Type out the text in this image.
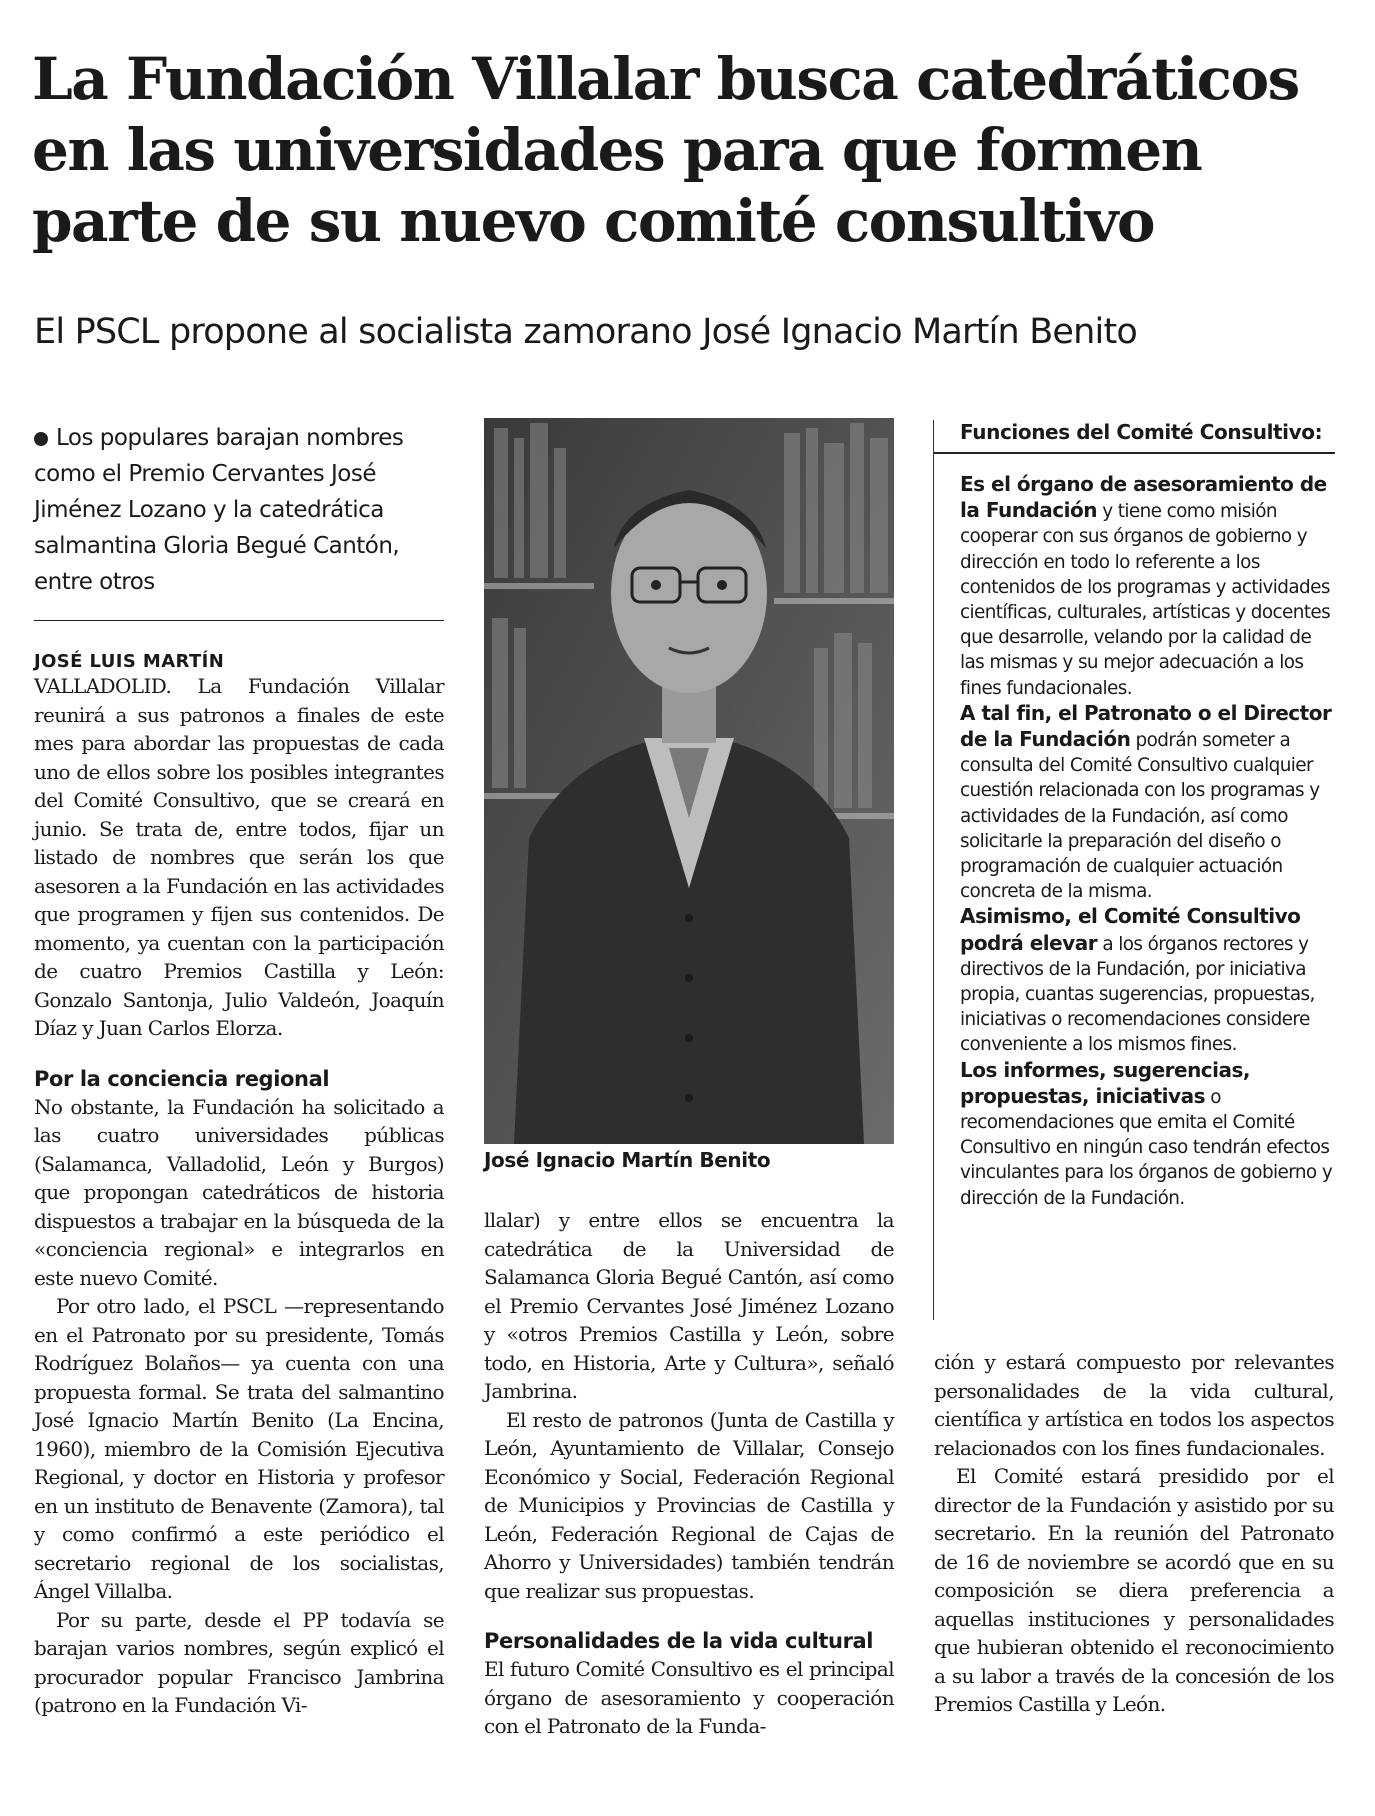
La Fundación Villalar busca catedráticos
en las universidades para que formen
parte de su nuevo comité consultivo
El PSCL propone al socialista zamorano José Ignacio Martín Benito

Los populares barajan nombres como el Premio Cervantes José Jiménez Lozano y la catedrática salmantina Gloria Begué Cantón, entre otros

JOSÉ LUIS MARTÍN

VALLADOLID. La Fundación Villalar reunirá a sus patronos a finales de este mes para abordar las propuestas de cada uno de ellos sobre los posibles integrantes del Comité Consultivo, que se creará en junio. Se trata de, entre todos, fijar un listado de nombres que serán los que asesoren a la Fundación en las actividades que programen y fijen sus contenidos. De momento, ya cuentan con la participación de cuatro Premios Castilla y León: Gonzalo Santonja, Julio Valdeón, Joaquín Díaz y Juan Carlos Elorza.

Por la conciencia regional

No obstante, la Fundación ha solicitado a las cuatro universidades públicas (Salamanca, Valladolid, León y Burgos) que propongan catedráticos de historia dispuestos a trabajar en la búsqueda de la «conciencia regional» e integrarlos en este nuevo Comité.

Por otro lado, el PSCL —representando en el Patronato por su presidente, Tomás Rodríguez Bolaños— ya cuenta con una propuesta formal. Se trata del salmantino José Ignacio Martín Benito (La Encina, 1960), miembro de la Comisión Ejecutiva Regional, y doctor en Historia y profesor en un instituto de Benavente (Zamora), tal y como confirmó a este periódico el secretario regional de los socialistas, Ángel Villalba.

Por su parte, desde el PP todavía se barajan varios nombres, según explicó el procurador popular Francisco Jambrina (patrono en la Fundación Vi-

José Ignacio Martín Benito

llalar) y entre ellos se encuentra la catedrática de la Universidad de Salamanca Gloria Begué Cantón, así como el Premio Cervantes José Jiménez Lozano y «otros Premios Castilla y León, sobre todo, en Historia, Arte y Cultura», señaló Jambrina.

El resto de patronos (Junta de Castilla y León, Ayuntamiento de Villalar, Consejo Económico y Social, Federación Regional de Municipios y Provincias de Castilla y León, Federación Regional de Cajas de Ahorro y Universidades) también tendrán que realizar sus propuestas.

Personalidades de la vida cultural

El futuro Comité Consultivo es el principal órgano de asesoramiento y cooperación con el Patronato de la Funda-

Funciones del Comité Consultivo:

Es el órgano de asesoramiento de la Fundación y tiene como misión cooperar con sus órganos de gobierno y dirección en todo lo referente a los contenidos de los programas y actividades científicas, culturales, artísticas y docentes que desarrolle, velando por la calidad de las mismas y su mejor adecuación a los fines fundacionales.

A tal fin, el Patronato o el Director de la Fundación podrán someter a consulta del Comité Consultivo cualquier cuestión relacionada con los programas y actividades de la Fundación, así como solicitarle la preparación del diseño o programación de cualquier actuación concreta de la misma.

Asimismo, el Comité Consultivo podrá elevar a los órganos rectores y directivos de la Fundación, por iniciativa propia, cuantas sugerencias, propuestas, iniciativas o recomendaciones considere conveniente a los mismos fines.

Los informes, sugerencias, propuestas, iniciativas o recomendaciones que emita el Comité Consultivo en ningún caso tendrán efectos vinculantes para los órganos de gobierno y dirección de la Fundación.

ción y estará compuesto por relevantes personalidades de la vida cultural, científica y artística en todos los aspectos relacionados con los fines fundacionales.

El Comité estará presidido por el director de la Fundación y asistido por su secretario. En la reunión del Patronato de 16 de noviembre se acordó que en su composición se diera preferencia a aquellas instituciones y personalidades que hubieran obtenido el reconocimiento a su labor a través de la concesión de los Premios Castilla y León.
